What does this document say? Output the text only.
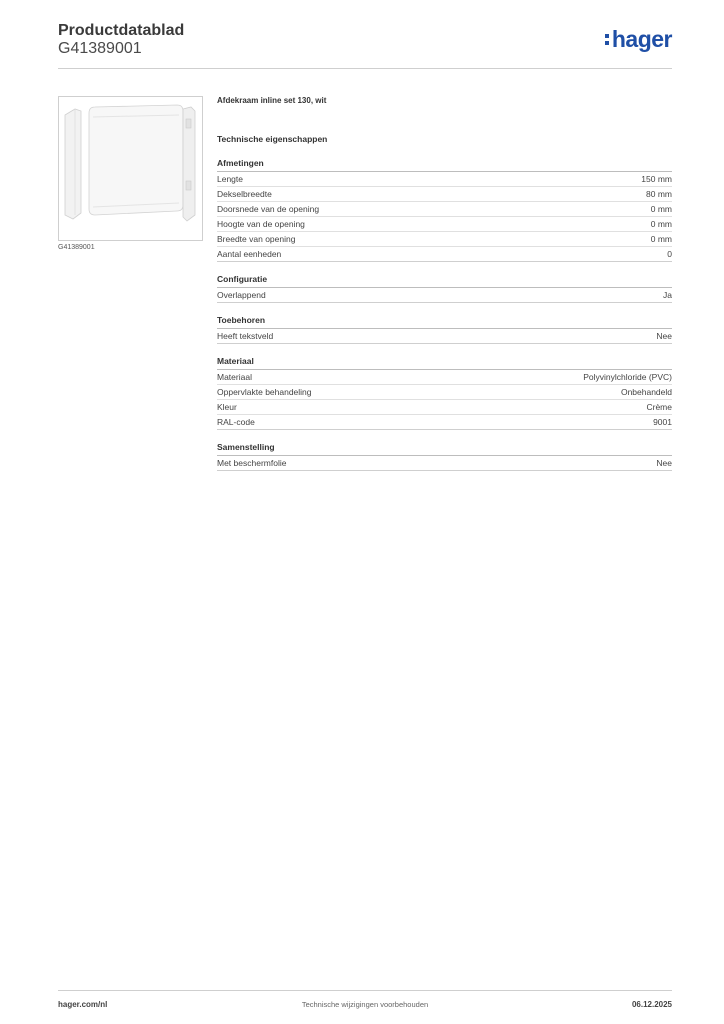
Productdatablad
G41389001	hager
G41389001
Afdekraam inline set 130, wit
Technische eigenschappen
Afmetingen
Lengte	150 mm
Dekselbreedte	80 mm
Doorsnede van de opening	0 mm
Hoogte van de opening	0 mm
Breedte van opening	0 mm
Aantal eenheden	0
Configuratie
Overlappend	Ja
Toebehoren
Heeft tekstveld	Nee
Materiaal
Materiaal	Polyvinylchloride (PVC)
Oppervlakte behandeling	Onbehandeld
Kleur	Crème
RAL-code	9001
Samenstelling
Met beschermfolie	Nee
hager.com/nl	Technische wijzigingen voorbehouden	06.12.2025
